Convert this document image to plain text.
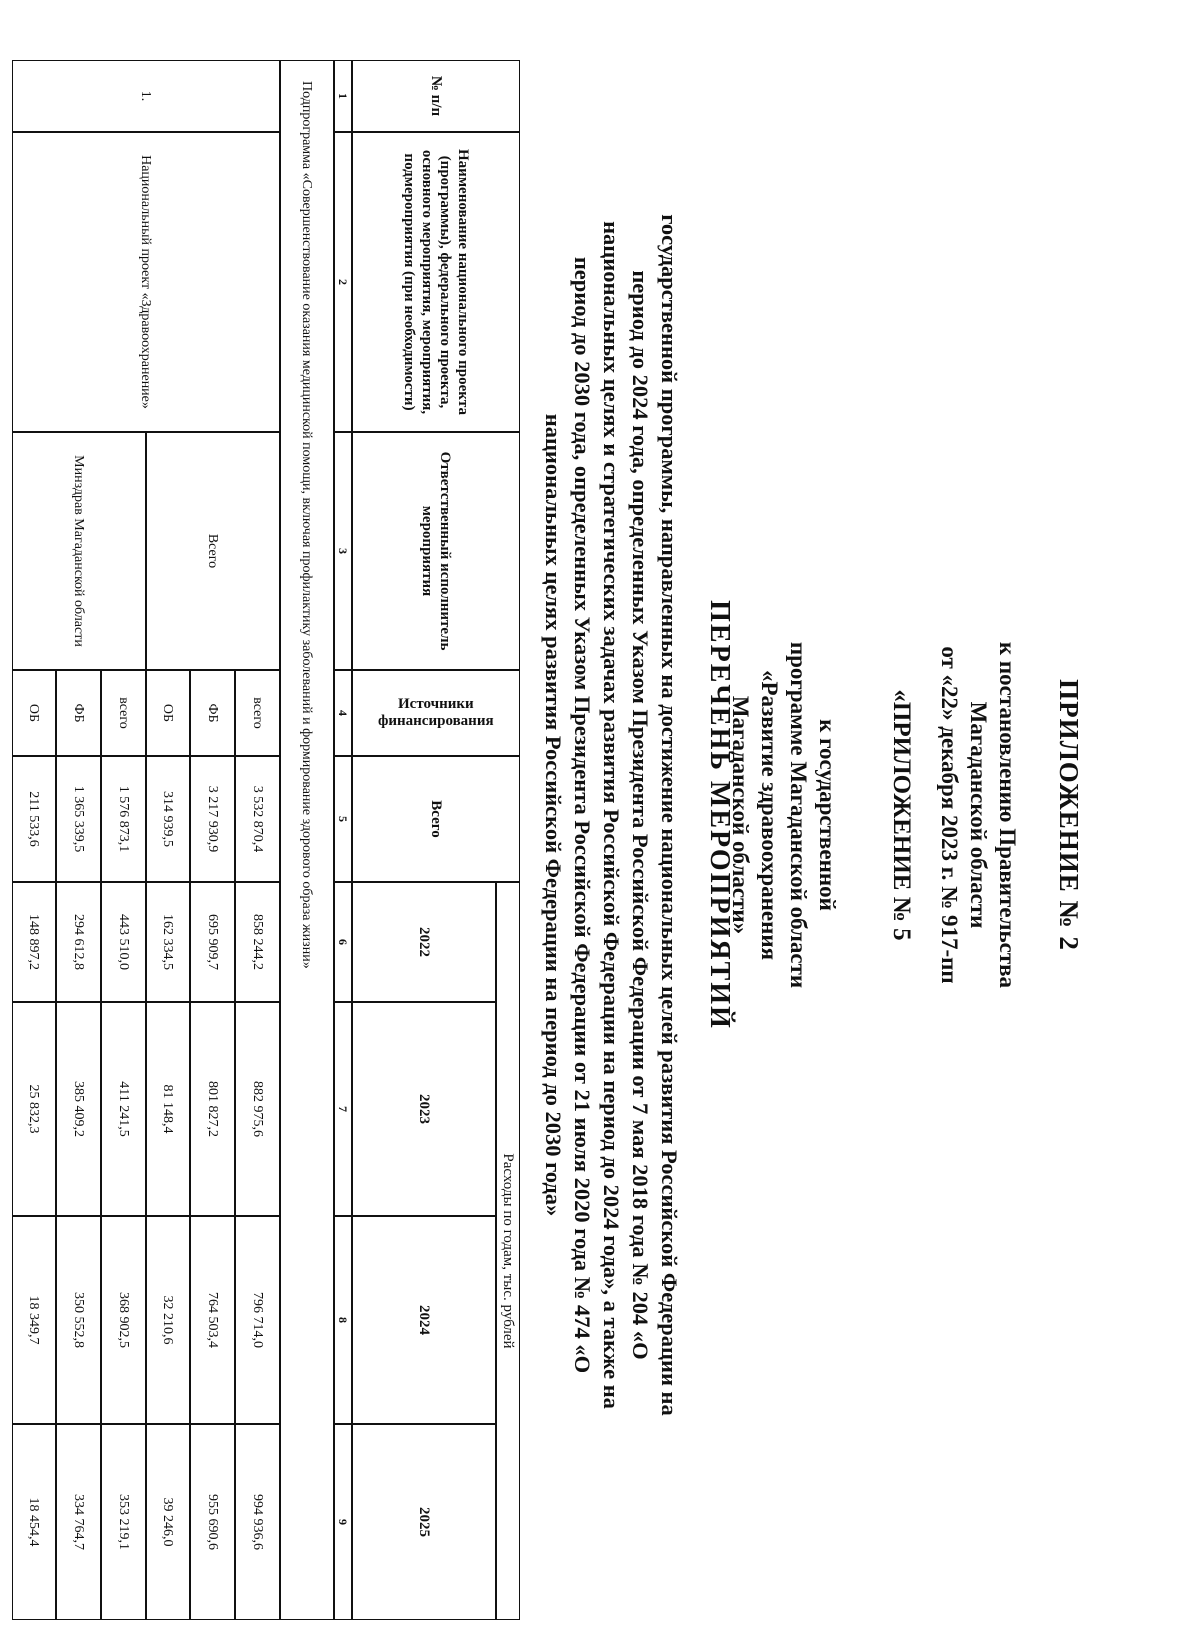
ПРИЛОЖЕНИЕ № 2
к постановлению Правительства
Магаданской области
от «22» декабря 2023 г. № 917-пп
«ПРИЛОЖЕНИЕ № 5
к государственной
программе Магаданской области
«Развитие здравоохранения
Магаданской области»
ПЕРЕЧЕНЬ МЕРОПРИЯТИЙ
государственной программы, направленных на достижение национальных целей развития Российской Федерации на
период до 2024 года, определенных Указом Президента Российской Федерации от 7 мая 2018 года № 204 «О
национальных целях и стратегических задачах развития Российской Федерации на период до 2024 года», а также на
период до 2030 года, определенных Указом Президента Российской Федерации от 21 июля 2020 года № 474 «О
национальных целях развития Российской Федерации на период до 2030 года»
№ п/п
Наименование национального проекта (программы), федерального проекта, основного мероприятия, мероприятия, подмероприятия (при необходимости)
Ответственный исполнитель мероприятия
Источники финансирования
Всего
Расходы по годам, тыс. рублей
2022
2023
2024
2025
1
2
3
4
5
6
7
8
9
Подпрограмма «Совершенствование оказания медицинской помощи, включая профилактику заболеваний и формирование здорового образа жизни»
1.
Национальный проект «Здравоохранение»
Всего
Минздрав Магаданской области
всего
3 532 870,4
858 244,2
882 975,6
796 714,0
994 936,6
ФБ
3 217 930,9
695 909,7
801 827,2
764 503,4
955 690,6
ОБ
314 939,5
162 334,5
81 148,4
32 210,6
39 246,0
всего
1 576 873,1
443 510,0
411 241,5
368 902,5
353 219,1
ФБ
1 365 339,5
294 612,8
385 409,2
350 552,8
334 764,7
ОБ
211 533,6
148 897,2
25 832,3
18 349,7
18 454,4
